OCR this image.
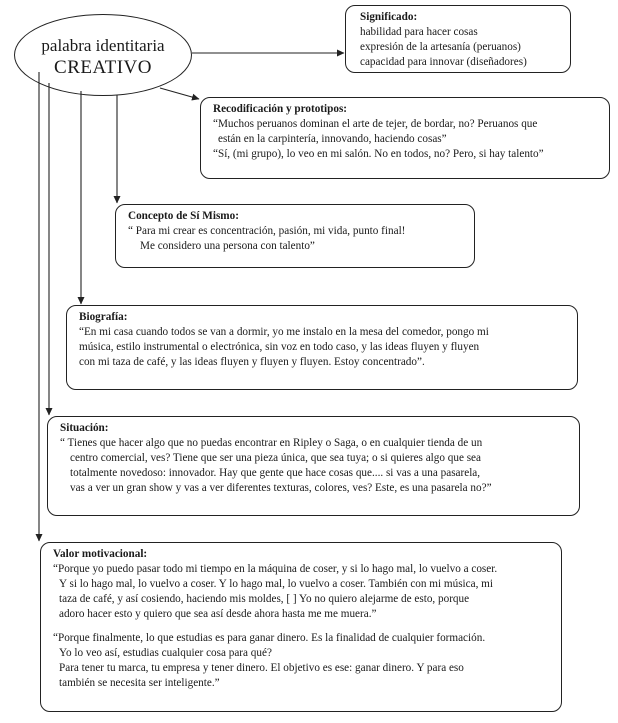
palabra identitaria
CREATIVO
Significado:
habilidad para hacer cosas
expresión de la artesanía (peruanos)
capacidad para innovar (diseñadores)
Recodificación y prototipos:
“Muchos peruanos dominan el arte de tejer, de bordar, no? Peruanos que
están en la carpintería, innovando, haciendo cosas”
“Sí, (mi grupo), lo veo en mi salón. No en todos, no? Pero, si hay talento”
Concepto de Sí Mismo:
“ Para mi crear es concentración, pasión, mi vida, punto final!
Me considero una persona con talento”
Biografía:
“En mi casa cuando todos se van a dormir, yo me instalo en la mesa del comedor, pongo mi
música, estilo instrumental o electrónica, sin voz en todo caso, y las ideas fluyen y fluyen
con mi taza de café, y las ideas fluyen y fluyen y fluyen. Estoy concentrado”.
Situación:
“ Tienes que hacer algo que no puedas encontrar en Ripley o Saga, o en cualquier tienda de un
centro comercial, ves? Tiene que ser una pieza única, que sea tuya; o si quieres algo que sea
totalmente novedoso: innovador. Hay que gente que hace cosas que.... si vas a una pasarela,
vas a ver un gran show y vas a ver diferentes texturas, colores, ves? Este, es una pasarela no?”
Valor motivacional:
“Porque yo puedo pasar todo mi tiempo en la máquina de coser, y si lo hago mal, lo vuelvo a coser.
Y si lo hago mal, lo vuelvo a coser. Y lo hago mal, lo vuelvo a coser. También con mi música, mi
taza de café, y así cosiendo, haciendo mis moldes, [ ] Yo no quiero alejarme de esto, porque
adoro hacer esto y quiero que sea así desde ahora hasta me me muera.”
“Porque finalmente, lo que estudias es para ganar dinero. Es la finalidad de cualquier formación.
Yo lo veo así, estudias cualquier cosa para qué?
Para tener tu marca, tu empresa y tener dinero. El objetivo es ese: ganar dinero. Y para eso
también se necesita ser inteligente.”
